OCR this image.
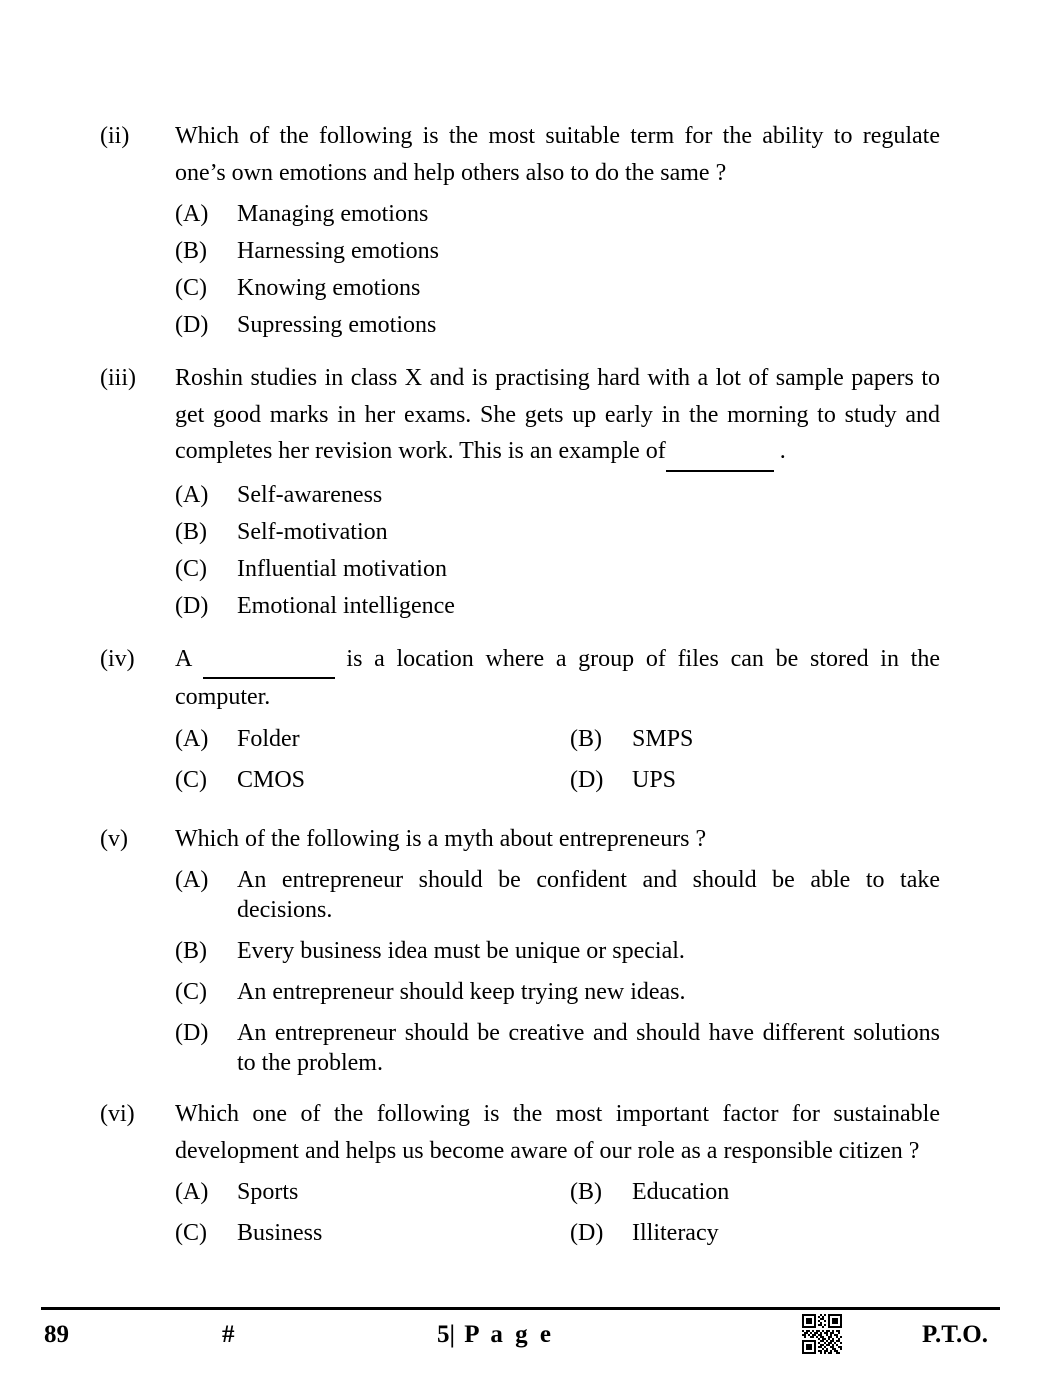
(ii)	Which of the following is the most suitable term for the ability to regulate one’s own emotions and help others also to do the same ?
(A)	Managing emotions
(B)	Harnessing emotions
(C)	Knowing emotions
(D)	Supressing emotions
(iii)	Roshin studies in class X and is practising hard with a lot of sample papers to get good marks in her exams. She gets up early in the morning to study and completes her revision work. This is an example of	.
(A)	Self-awareness
(B)	Self-motivation
(C)	Influential motivation
(D)	Emotional intelligence
(iv)	A	is a location where a group of files can be stored in the computer.
(A)	Folder	(B)	SMPS
(C)	CMOS	(D)	UPS
(v)	Which of the following is a myth about entrepreneurs ?
(A)	An entrepreneur should be confident and should be able to take decisions.
(B)	Every business idea must be unique or special.
(C)	An entrepreneur should keep trying new ideas.
(D)	An entrepreneur should be creative and should have different solutions to the problem.
(vi)	Which one of the following is the most important factor for sustainable development and helps us become aware of our role as a responsible citizen ?
(A)	Sports	(B)	Education
(C)	Business	(D)	Illiteracy
89	#	5| P a g e	P.T.O.
